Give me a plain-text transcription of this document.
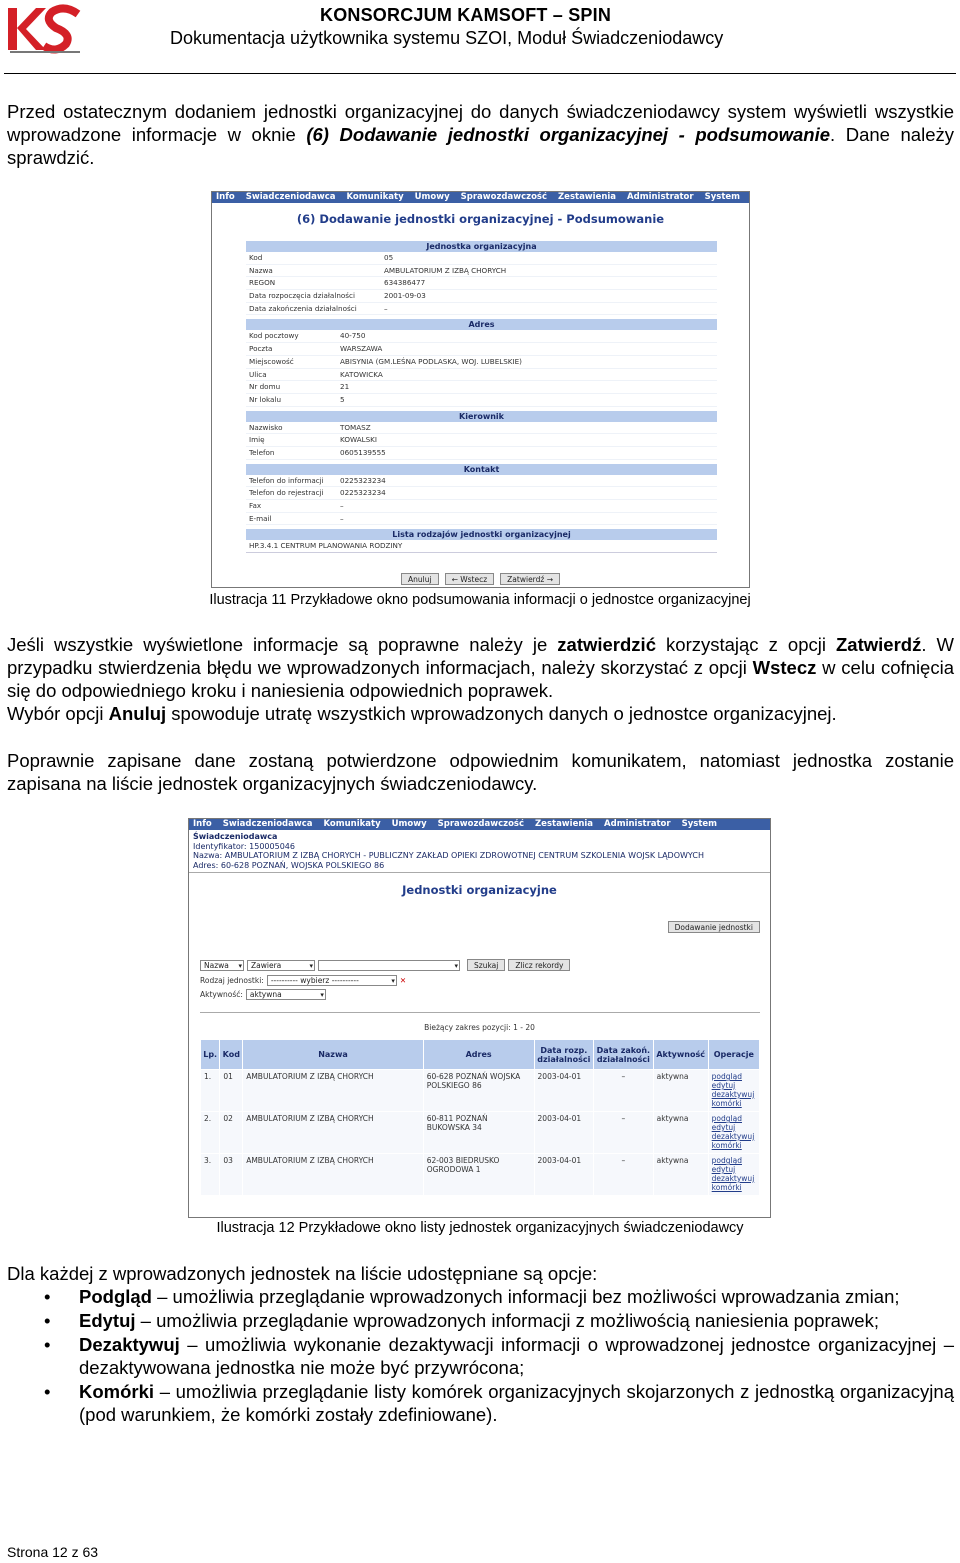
KONSORCJUM KAMSOFT – SPIN
Dokumentacja użytkownika systemu SZOI, Moduł Świadczeniodawcy
Przed ostatecznym dodaniem jednostki organizacyjnej do danych świadczeniodawcy system wyświetli wszystkie wprowadzone informacje w oknie (6) Dodawanie jednostki organizacyjnej - podsumowanie. Dane należy sprawdzić.
Info Świadczeniodawca Komunikaty Umowy Sprawozdawczość Zestawienia Administrator System
(6) Dodawanie jednostki organizacyjnej - Podsumowanie
Jednostka organizacyjna
Kod	05
Nazwa	AMBULATORIUM Z IZBĄ CHORYCH
REGON	634386477
Data rozpoczęcia działalności	2001-09-03
Data zakończenia działalności	–
Adres
Kod pocztowy	40-750
Poczta	WARSZAWA
Miejscowość	ABISYNIA (GM.LEŚNA PODLASKA, WOJ. LUBELSKIE)
Ulica	KATOWICKA
Nr domu	21
Nr lokalu	5
Kierownik
Nazwisko	TOMASZ
Imię	KOWALSKI
Telefon	0605139555
Kontakt
Telefon do informacji	0225323234
Telefon do rejestracji	0225323234
Fax	–
E-mail	–
Lista rodzajów jednostki organizacyjnej
HP.3.4.1 CENTRUM PLANOWANIA RODZINY
Anuluj	← Wstecz	Zatwierdź →
Ilustracja 11 Przykładowe okno podsumowania informacji o jednostce organizacyjnej
Jeśli wszystkie wyświetlone informacje są poprawne należy je zatwierdzić korzystając z opcji Zatwierdź. W przypadku stwierdzenia błędu we wprowadzonych informacjach, należy skorzystać z opcji Wstecz w celu cofnięcia się do odpowiedniego kroku i naniesienia odpowiednich poprawek.
Wybór opcji Anuluj spowoduje utratę wszystkich wprowadzonych danych o jednostce organizacyjnej.
Poprawnie zapisane dane zostaną potwierdzone odpowiednim komunikatem, natomiast jednostka zostanie zapisana na liście jednostek organizacyjnych świadczeniodawcy.
Info Świadczeniodawca Komunikaty Umowy Sprawozdawczość Zestawienia Administrator System
Świadczeniodawca
Identyfikator: 150005046
Nazwa: AMBULATORIUM Z IZBĄ CHORYCH - PUBLICZNY ZAKŁAD OPIEKI ZDROWOTNEJ CENTRUM SZKOLENIA WOJSK LĄDOWYCH
Adres: 60-628 POZNAŃ, WOJSKA POLSKIEGO 86
Jednostki organizacyjne
Dodawanie jednostki
Nazwa ▾	Zawiera ▾ ▾	Szukaj	Zlicz rekordy
Rodzaj jednostki: ---------- wybierz ---------- ▾	✕
Aktywność: aktywna ▾
Bieżący zakres pozycji: 1 - 20
Lp.	Kod	Nazwa	Adres	Data rozp. działalności	Data zakoń. działalności	Aktywność	Operacje
1.	01	AMBULATORIUM Z IZBĄ CHORYCH	60-628 POZNAŃ WOJSKA POLSKIEGO 86	2003-04-01	–	aktywna	podgląd
edytuj
dezaktywuj
komórki

2.	02	AMBULATORIUM Z IZBĄ CHORYCH	60-811 POZNAŃ BUKOWSKA 34	2003-04-01	–	aktywna	podgląd
edytuj
dezaktywuj
komórki

3.	03	AMBULATORIUM Z IZBĄ CHORYCH	62-003 BIEDRUSKO OGRODOWA 1	2003-04-01	–	aktywna	podgląd
edytuj
dezaktywuj
komórki
Ilustracja 12 Przykładowe okno listy jednostek organizacyjnych świadczeniodawcy
Dla każdej z wprowadzonych jednostek na liście udostępniane są opcje:
• Podgląd – umożliwia przeglądanie wprowadzonych informacji bez możliwości wprowadzania zmian;
• Edytuj – umożliwia przeglądanie wprowadzonych informacji z możliwością naniesienia poprawek;
• Dezaktywuj – umożliwia wykonanie dezaktywacji informacji o wprowadzonej jednostce organizacyjnej – dezaktywowana jednostka nie może być przywrócona;
• Komórki – umożliwia przeglądanie listy komórek organizacyjnych skojarzonych z jednostką organizacyjną (pod warunkiem, że komórki zostały zdefiniowane).
Strona 12 z 63
